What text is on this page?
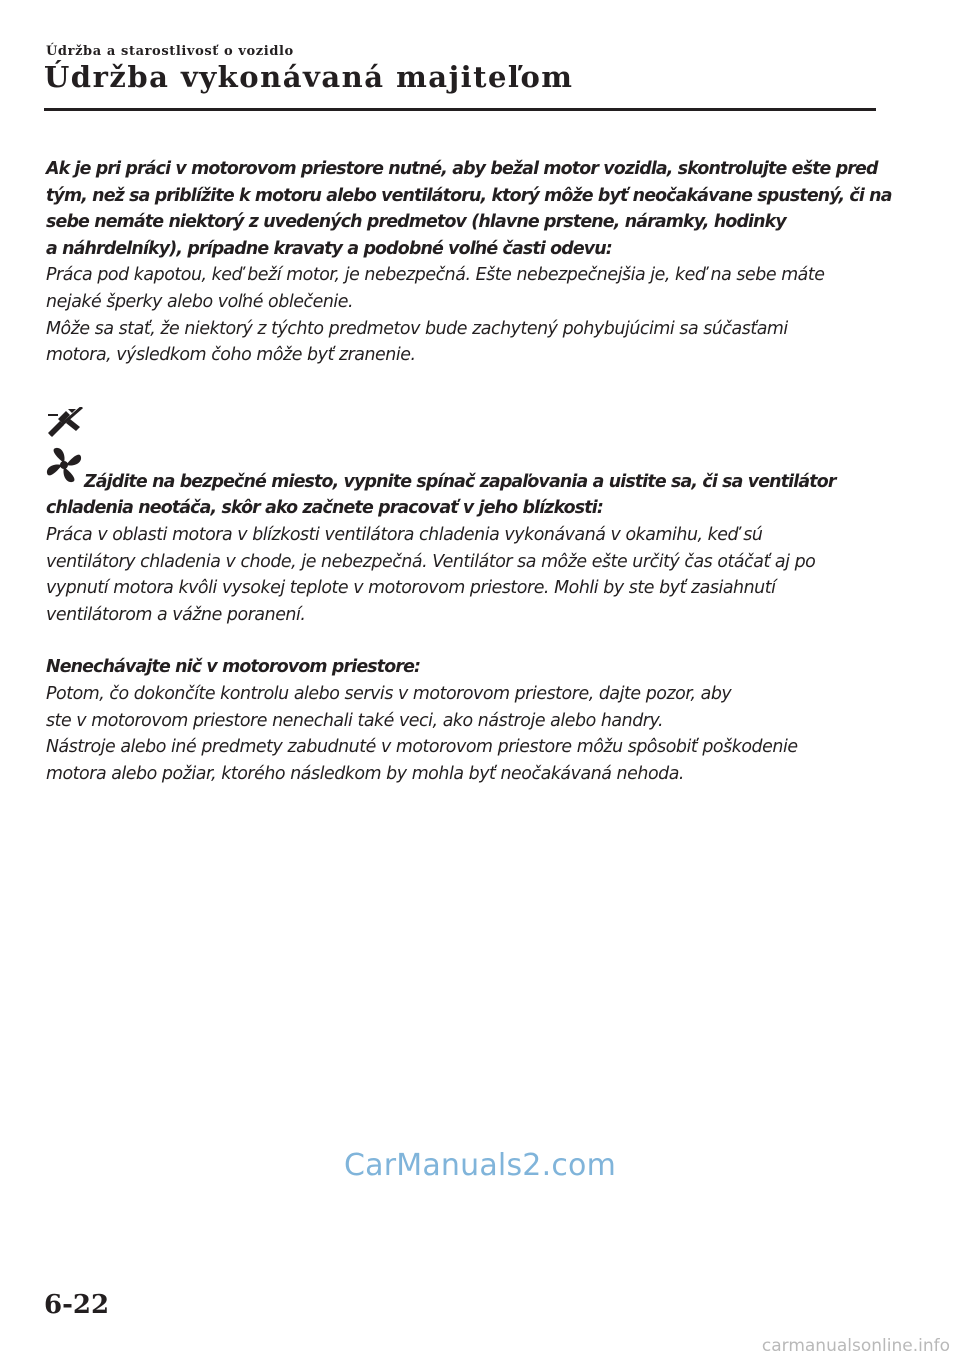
Údržba a starostlivosť o vozidlo
Údržba vykonávaná majiteľom
Ak je pri práci v motorovom priestore nutné, aby bežal motor vozidla, skontrolujte ešte pred
tým, než sa priblížite k motoru alebo ventilátoru, ktorý môže byť neočakávane spustený, či na
sebe nemáte niektorý z uvedených predmetov (hlavne prstene, náramky, hodinky
a náhrdelníky), prípadne kravaty a podobné voľné časti odevu:
Práca pod kapotou, keď beží motor, je nebezpečná. Ešte nebezpečnejšia je, keď na sebe máte
nejaké šperky alebo voľné oblečenie.
Môže sa stať, že niektorý z týchto predmetov bude zachytený pohybujúcimi sa súčasťami
motora, výsledkom čoho môže byť zranenie.
Zájdite na bezpečné miesto, vypnite spínač zapaľovania a uistite sa, či sa ventilátor
chladenia neotáča, skôr ako začnete pracovať v jeho blízkosti:
Práca v oblasti motora v blízkosti ventilátora chladenia vykonávaná v okamihu, keď sú
ventilátory chladenia v chode, je nebezpečná. Ventilátor sa môže ešte určitý čas otáčať aj po
vypnutí motora kvôli vysokej teplote v motorovom priestore. Mohli by ste byť zasiahnutí
ventilátorom a vážne poranení.
Nenechávajte nič v motorovom priestore:
Potom, čo dokončíte kontrolu alebo servis v motorovom priestore, dajte pozor, aby
ste v motorovom priestore nenechali také veci, ako nástroje alebo handry.
Nástroje alebo iné predmety zabudnuté v motorovom priestore môžu spôsobiť poškodenie
motora alebo požiar, ktorého následkom by mohla byť neočakávaná nehoda.
CarManuals2.com
6-22
carmanualsonline.info
